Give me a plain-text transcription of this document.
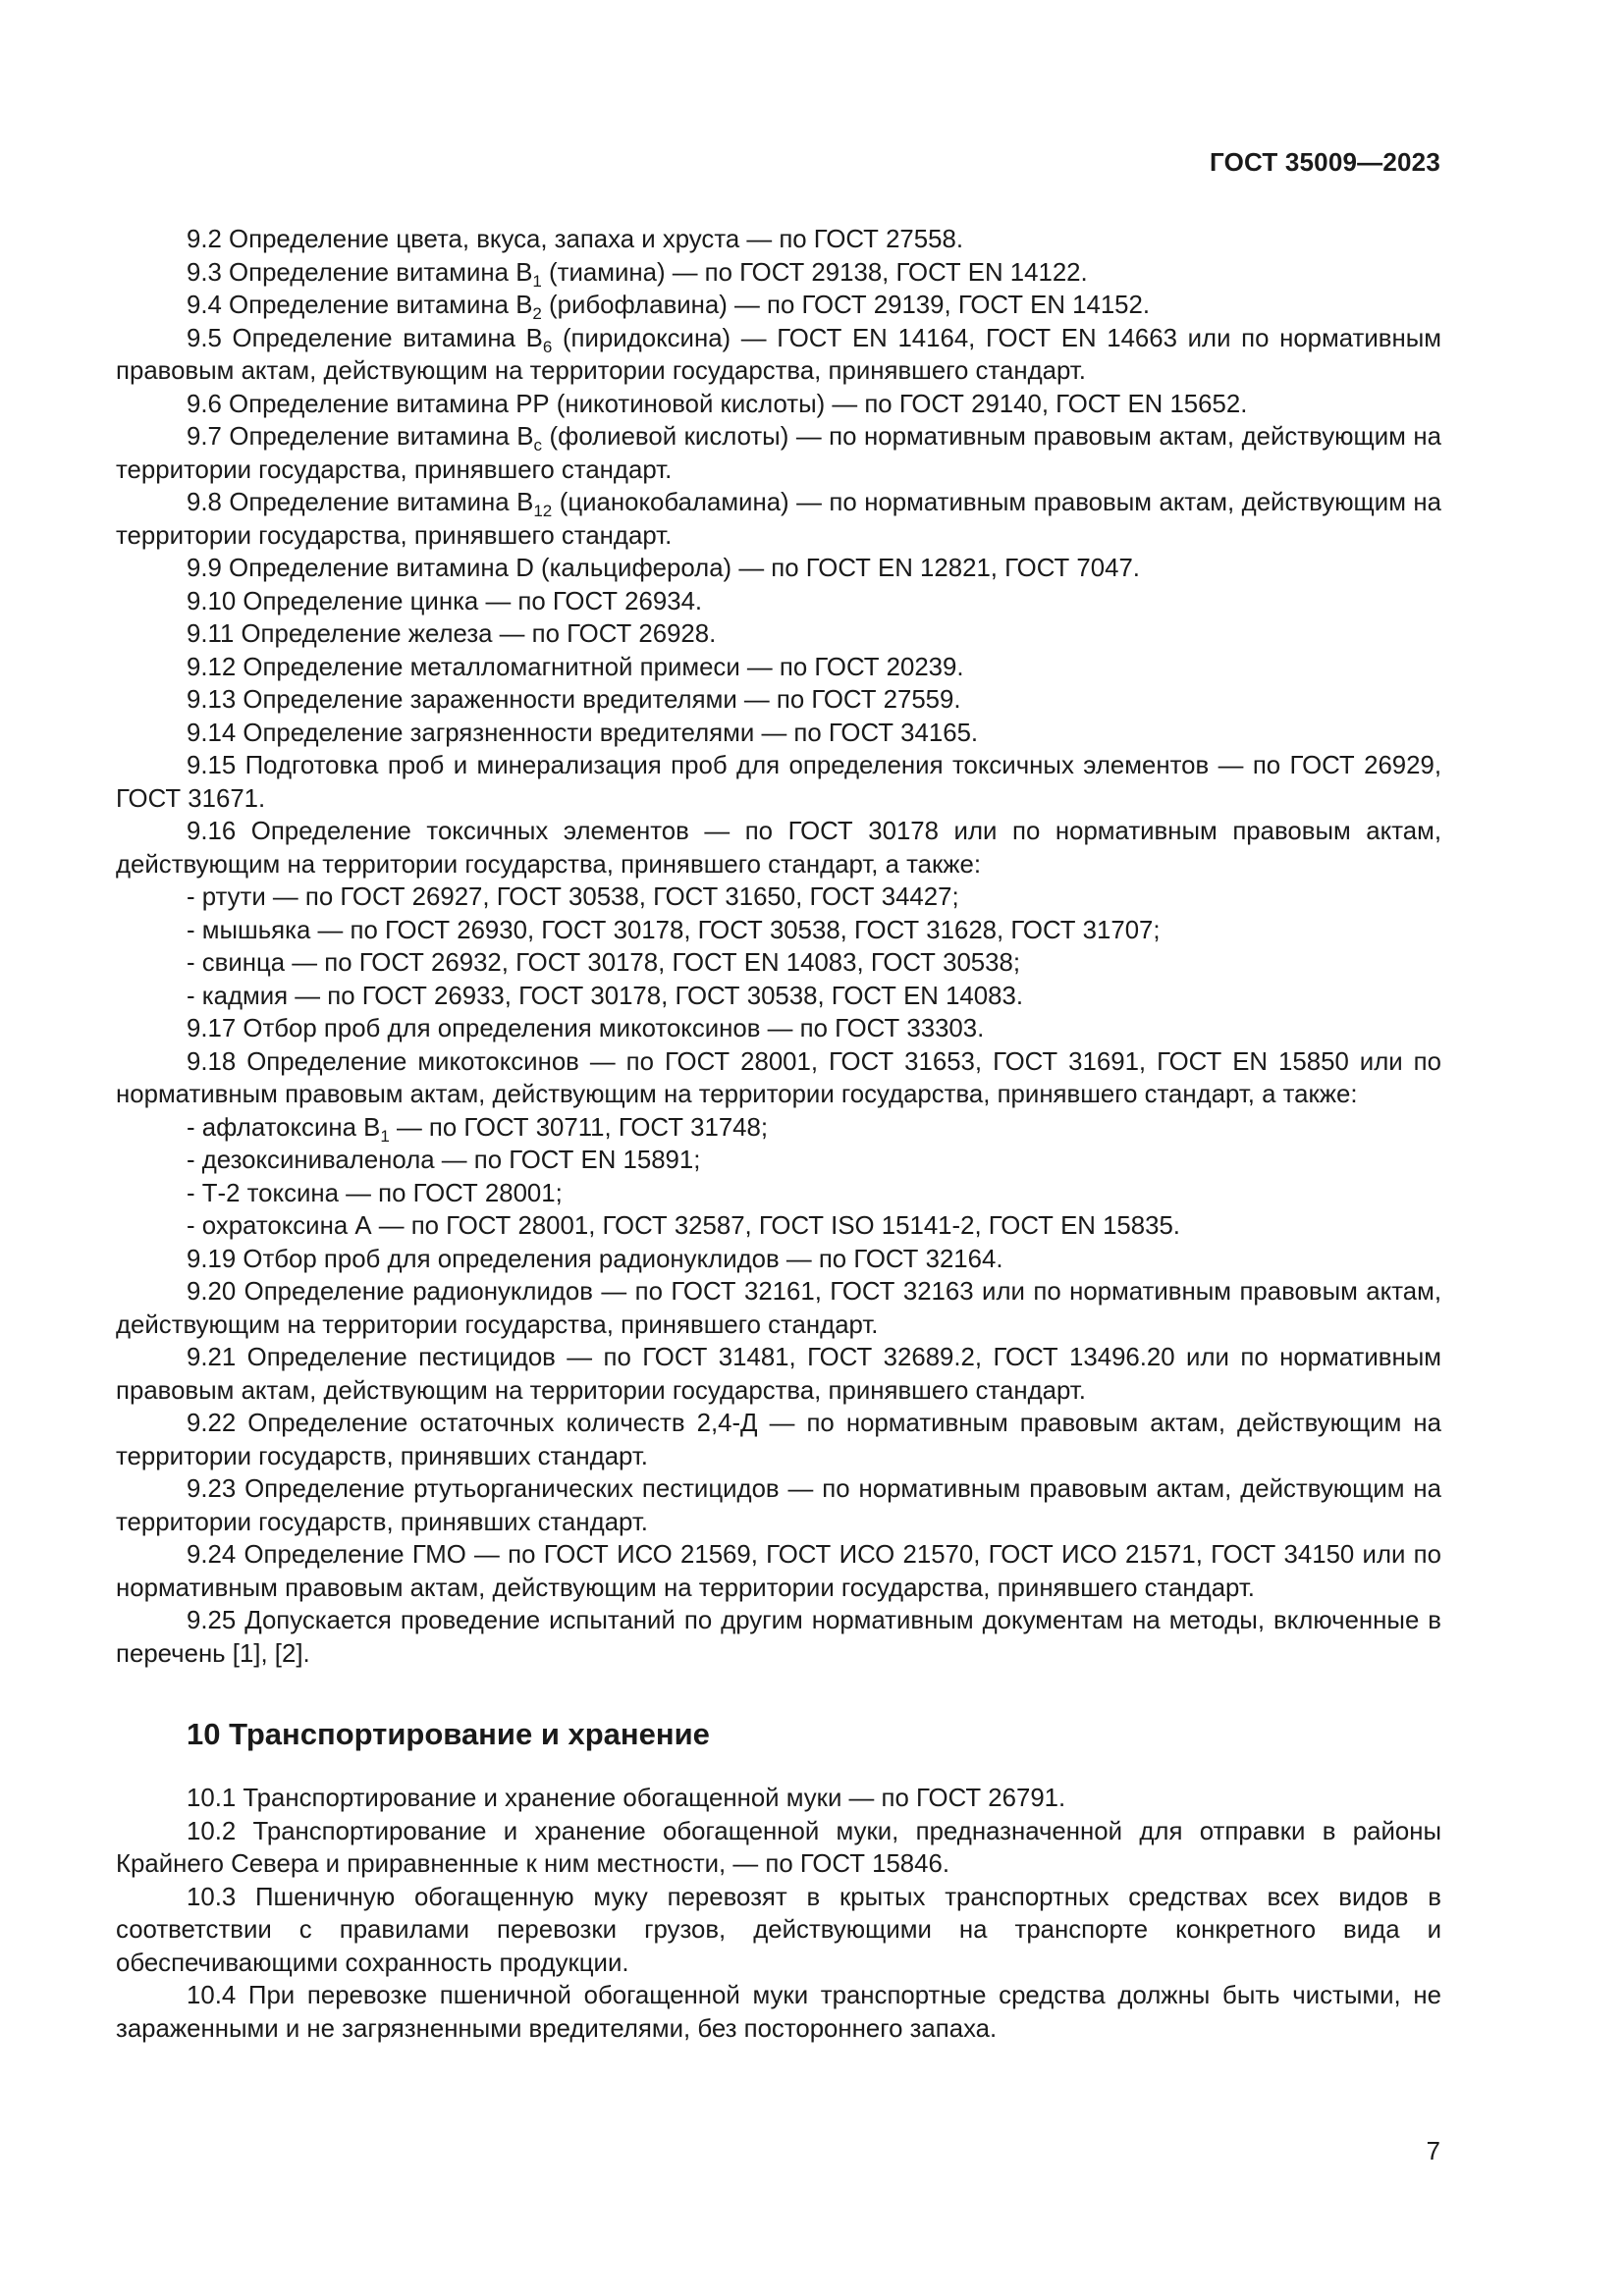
ГОСТ 35009—2023

9.2 Определение цвета, вкуса, запаха и хруста — по ГОСТ 27558.

9.3 Определение витамина $В_1$ (тиамина) — по ГОСТ 29138, ГОСТ EN 14122.

9.4 Определение витамина $В_2$ (рибофлавина) — по ГОСТ 29139, ГОСТ EN 14152.

9.5 Определение витамина $В_6$ (пиридоксина) — ГОСТ EN 14164, ГОСТ EN 14663 или по нормативным правовым актам, действующим на территории государства, принявшего стандарт.

9.6 Определение витамина РР (никотиновой кислоты) — по ГОСТ 29140, ГОСТ EN 15652.

9.7 Определение витамина $В_с$ (фолиевой кислоты) — по нормативным правовым актам, действующим на территории государства, принявшего стандарт.

9.8 Определение витамина $В_{12}$ (цианокобаламина) — по нормативным правовым актам, действующим на территории государства, принявшего стандарт.

9.9 Определение витамина D (кальциферола) — по ГОСТ EN 12821, ГОСТ 7047.

9.10 Определение цинка — по ГОСТ 26934.

9.11 Определение железа — по ГОСТ 26928.

9.12 Определение металломагнитной примеси — по ГОСТ 20239.

9.13 Определение зараженности вредителями — по ГОСТ 27559.

9.14 Определение загрязненности вредителями — по ГОСТ 34165.

9.15 Подготовка проб и минерализация проб для определения токсичных элементов — по ГОСТ 26929, ГОСТ 31671.

9.16 Определение токсичных элементов — по ГОСТ 30178 или по нормативным правовым актам, действующим на территории государства, принявшего стандарт, а также:

- ртути — по ГОСТ 26927, ГОСТ 30538, ГОСТ 31650, ГОСТ 34427;

- мышьяка — по ГОСТ 26930, ГОСТ 30178, ГОСТ 30538, ГОСТ 31628, ГОСТ 31707;

- свинца — по ГОСТ 26932, ГОСТ 30178, ГОСТ EN 14083, ГОСТ 30538;

- кадмия — по ГОСТ 26933, ГОСТ 30178, ГОСТ 30538, ГОСТ EN 14083.

9.17 Отбор проб для определения микотоксинов — по ГОСТ 33303.

9.18 Определение микотоксинов — по ГОСТ 28001, ГОСТ 31653, ГОСТ 31691, ГОСТ EN 15850 или по нормативным правовым актам, действующим на территории государства, принявшего стандарт, а также:

- афлатоксина $В_1$ — по ГОСТ 30711, ГОСТ 31748;

- дезоксиниваленола — по ГОСТ EN 15891;

- Т-2 токсина — по ГОСТ 28001;

- охратоксина А — по ГОСТ 28001, ГОСТ 32587, ГОСТ ISO 15141-2, ГОСТ EN 15835.

9.19 Отбор проб для определения радионуклидов — по ГОСТ 32164.

9.20 Определение радионуклидов — по ГОСТ 32161, ГОСТ 32163 или по нормативным правовым актам, действующим на территории государства, принявшего стандарт.

9.21 Определение пестицидов — по ГОСТ 31481, ГОСТ 32689.2, ГОСТ 13496.20 или по нормативным правовым актам, действующим на территории государства, принявшего стандарт.

9.22 Определение остаточных количеств 2,4-Д — по нормативным правовым актам, действующим на территории государств, принявших стандарт.

9.23 Определение ртутьорганических пестицидов — по нормативным правовым актам, действующим на территории государств, принявших стандарт.

9.24 Определение ГМО — по ГОСТ ИСО 21569, ГОСТ ИСО 21570, ГОСТ ИСО 21571, ГОСТ 34150 или по нормативным правовым актам, действующим на территории государства, принявшего стандарт.

9.25 Допускается проведение испытаний по другим нормативным документам на методы, включенные в перечень [1], [2].

10 Транспортирование и хранение

10.1 Транспортирование и хранение обогащенной муки — по ГОСТ 26791.

10.2 Транспортирование и хранение обогащенной муки, предназначенной для отправки в районы Крайнего Севера и приравненные к ним местности, — по ГОСТ 15846.

10.3 Пшеничную обогащенную муку перевозят в крытых транспортных средствах всех видов в соответствии с правилами перевозки грузов, действующими на транспорте конкретного вида и обеспечивающими сохранность продукции.

10.4 При перевозке пшеничной обогащенной муки транспортные средства должны быть чистыми, не зараженными и не загрязненными вредителями, без постороннего запаха.

7
